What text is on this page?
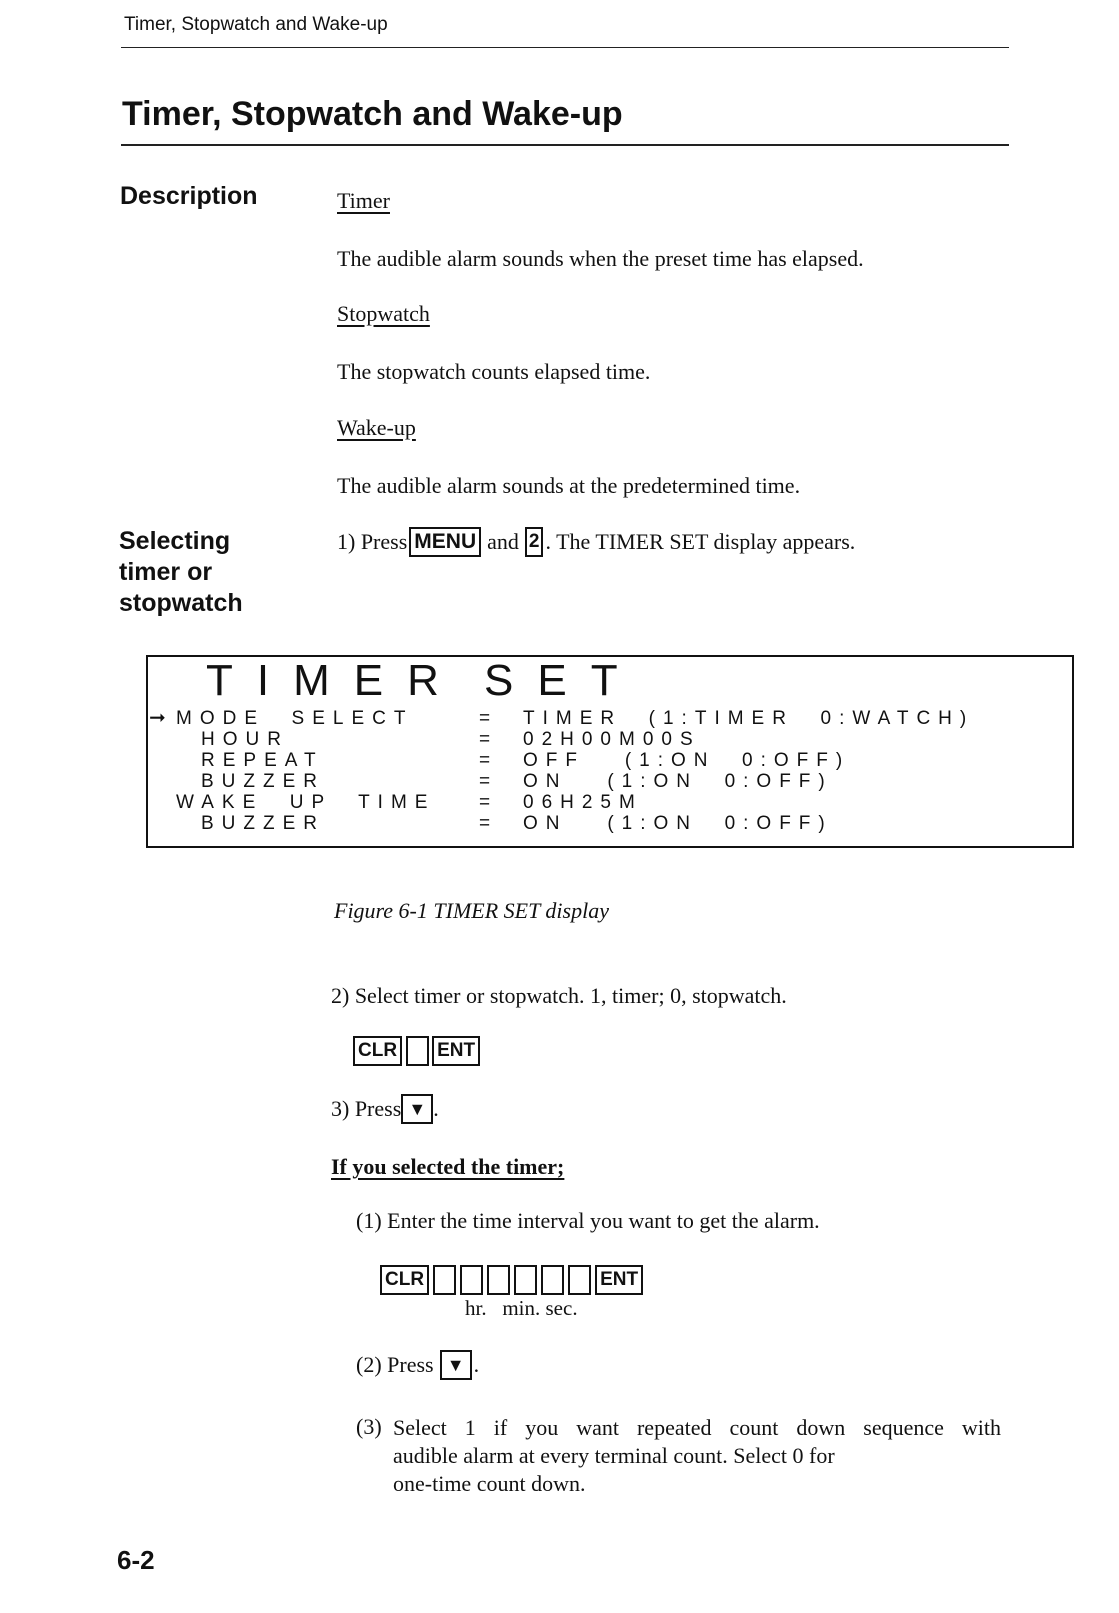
Timer, Stopwatch and Wake-up
Timer, Stopwatch and Wake-up
Description	Timer
The audible alarm sounds when the preset time has elapsed.
Stopwatch
The stopwatch counts elapsed time.
Wake-up
The audible alarm sounds at the predetermined time.
Selecting
timer or
stopwatch
1) Press MENU and 2 . The TIMER SET display appears.
TIMER SET
➞ MODE  SELECT
HOUR
REPEAT
BUZZER
WAKE  UP  TIME
BUZZER
=
=
=
=
=
=
TIMER  (1:TIMER  0:WATCH)
02H00M00S
OFF   (1:ON  0:OFF)
ON   (1:ON  0:OFF)
06H25M
ON   (1:ON  0:OFF)
Figure 6-1 TIMER SET display
2) Select timer or stopwatch. 1, timer; 0, stopwatch.
CLR ENT
3) Press ▼ .
If you selected the timer;
(1) Enter the time interval you want to get the alarm.
CLR	ENT
hr.   min. sec.
(2) Press ▼ .
(3) Select 1 if you want repeated count down sequence with
audible alarm at every terminal count. Select 0 for
one-time count down.
6-2
